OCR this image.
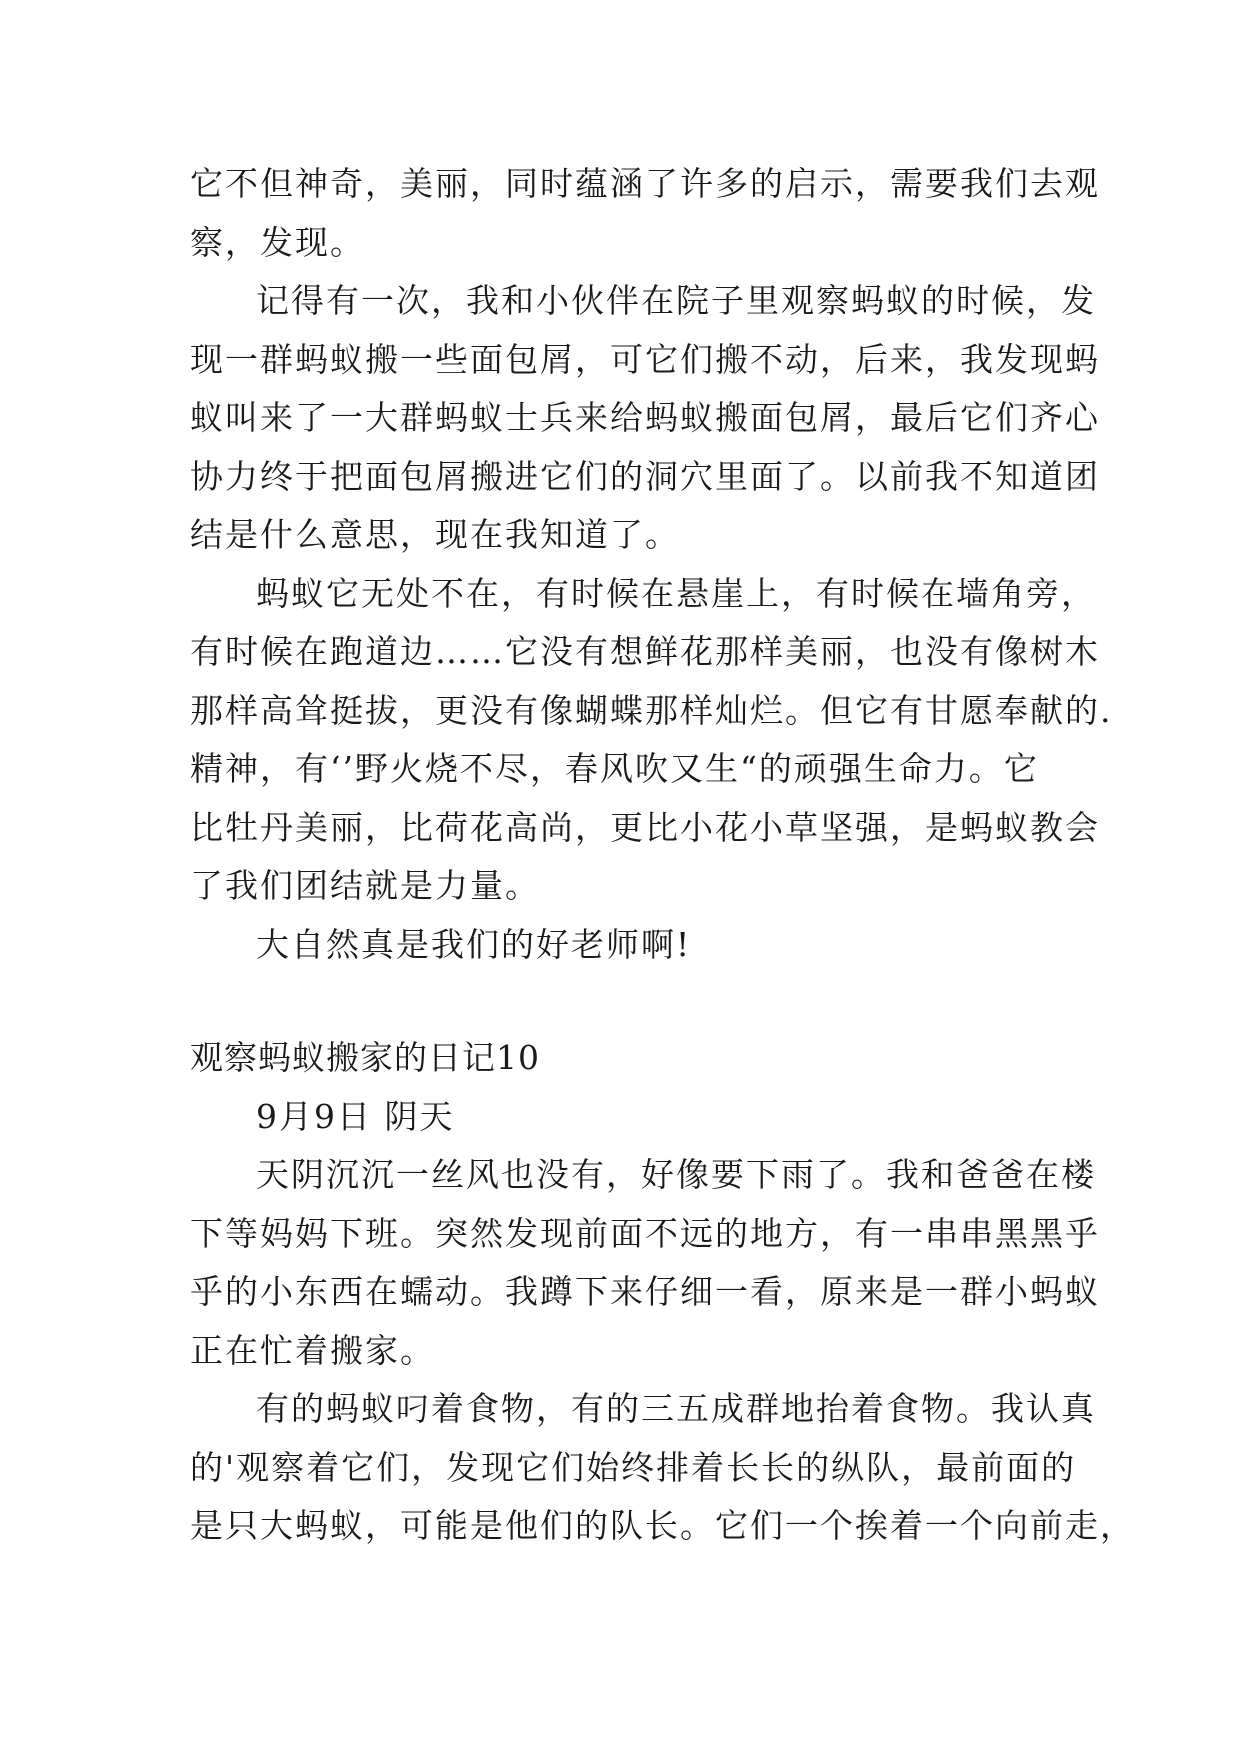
它不但神奇，美丽，同时蕴涵了许多的启示，需要我们去观
察，发现。
记得有一次，我和小伙伴在院子里观察蚂蚁的时候，发
现一群蚂蚁搬一些面包屑，可它们搬不动，后来，我发现蚂
蚁叫来了一大群蚂蚁士兵来给蚂蚁搬面包屑，最后它们齐心
协力终于把面包屑搬进它们的洞穴里面了。以前我不知道团
结是什么意思，现在我知道了。
蚂蚁它无处不在，有时候在悬崖上，有时候在墙角旁，
有时候在跑道边……它没有想鲜花那样美丽，也没有像树木
那样高耸挺拔，更没有像蝴蝶那样灿烂。但它有甘愿奉献的.
精神，有‘’野火烧不尽，春风吹又生“的顽强生命力。它
比牡丹美丽，比荷花高尚，更比小花小草坚强，是蚂蚁教会
了我们团结就是力量。
大自然真是我们的好老师啊!
观察蚂蚁搬家的日记10
9月9日 阴天
天阴沉沉一丝风也没有，好像要下雨了。我和爸爸在楼
下等妈妈下班。突然发现前面不远的地方，有一串串黑黑乎
乎的小东西在蠕动。我蹲下来仔细一看，原来是一群小蚂蚁
正在忙着搬家。
有的蚂蚁叼着食物，有的三五成群地抬着食物。我认真
的'观察着它们，发现它们始终排着长长的纵队，最前面的
是只大蚂蚁，可能是他们的队长。它们一个挨着一个向前走，
